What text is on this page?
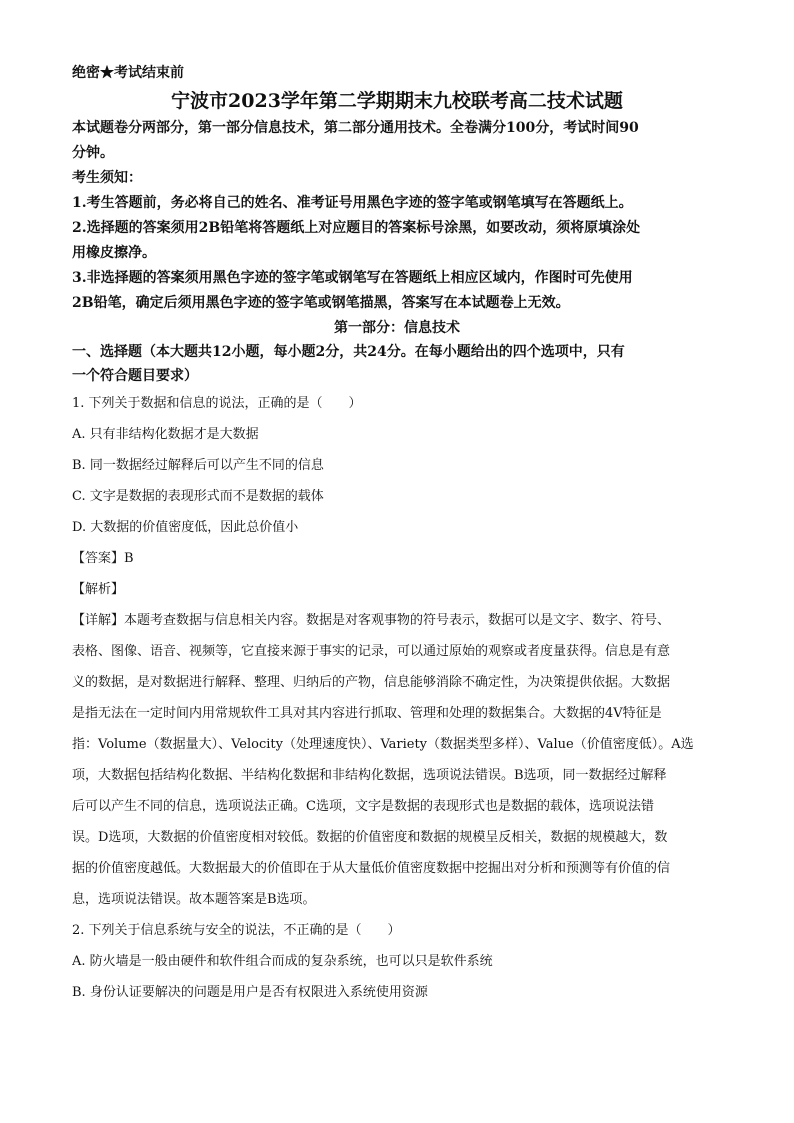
绝密★考试结束前
宁波市2023学年第二学期期末九校联考高二技术试题
本试题卷分两部分，第一部分信息技术，第二部分通用技术。全卷满分100分，考试时间90
分钟。
考生须知：
1.考生答题前，务必将自己的姓名、准考证号用黑色字迹的签字笔或钢笔填写在答题纸上。
2.选择题的答案须用2B铅笔将答题纸上对应题目的答案标号涂黑，如要改动，须将原填涂处
用橡皮擦净。
3.非选择题的答案须用黑色字迹的签字笔或钢笔写在答题纸上相应区域内，作图时可先使用
2B铅笔，确定后须用黑色字迹的签字笔或钢笔描黑，答案写在本试题卷上无效。
第一部分：信息技术
一、选择题（本大题共12小题，每小题2分，共24分。在每小题给出的四个选项中，只有
一个符合题目要求）
1. 下列关于数据和信息的说法，正确的是（　　）
A. 只有非结构化数据才是大数据
B. 同一数据经过解释后可以产生不同的信息
C. 文字是数据的表现形式而不是数据的载体
D. 大数据的价值密度低，因此总价值小
【答案】B
【解析】
【详解】本题考查数据与信息相关内容。数据是对客观事物的符号表示，数据可以是文字、数字、符号、
表格、图像、语音、视频等，它直接来源于事实的记录，可以通过原始的观察或者度量获得。信息是有意
义的数据，是对数据进行解释、整理、归纳后的产物，信息能够消除不确定性，为决策提供依据。大数据
是指无法在一定时间内用常规软件工具对其内容进行抓取、管理和处理的数据集合。大数据的4V特征是
指：Volume（数据量大）、Velocity（处理速度快）、Variety（数据类型多样）、Value（价值密度低）。A选
项，大数据包括结构化数据、半结构化数据和非结构化数据，选项说法错误。B选项，同一数据经过解释
后可以产生不同的信息，选项说法正确。C选项，文字是数据的表现形式也是数据的载体，选项说法错
误。D选项，大数据的价值密度相对较低。数据的价值密度和数据的规模呈反相关，数据的规模越大，数
据的价值密度越低。大数据最大的价值即在于从大量低价值密度数据中挖掘出对分析和预测等有价值的信
息，选项说法错误。故本题答案是B选项。
2. 下列关于信息系统与安全的说法，不正确的是（　　）
A. 防火墙是一般由硬件和软件组合而成的复杂系统，也可以只是软件系统
B. 身份认证要解决的问题是用户是否有权限进入系统使用资源
